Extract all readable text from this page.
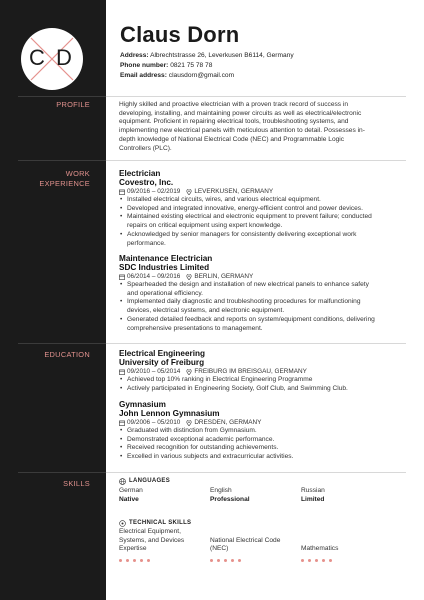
C D
Claus Dorn
Address: Albrechtstrasse 26, Leverkusen B6114, Germany
Phone number: 0821 75 78 78
Email address: clausdorn@gmail.com
PROFILE
WORK
EXPERIENCE
EDUCATION
SKILLS
Highly skilled and proactive electrician with a proven track record of success in
developing, installing, and maintaining power circuits as well as electrical/electronic
equipment. Proficient in repairing electrical tools, troubleshooting systems, and
implementing new electrical panels with meticulous attention to detail. Possesses in-
depth knowledge of National Electrical Code (NEC) and Programmable Logic
Controllers (PLC).
Electrician
Covestro, Inc.
09/2016 – 02/2019 LEVERKUSEN, GERMANY
• Installed electrical circuits, wires, and various electrical equipment.
• Developed and integrated innovative, energy-efficient control and power devices.
• Maintained existing electrical and electronic equipment to prevent failure; conducted
repairs on critical equipment using expert knowledge.
• Acknowledged by senior managers for consistently delivering exceptional work
performance.
Maintenance Electrician
SDC Industries Limited
06/2014 – 09/2016 BERLIN, GERMANY
• Spearheaded the design and installation of new electrical panels to enhance safety
and operational efficiency.
• Implemented daily diagnostic and troubleshooting procedures for malfunctioning
devices, electrical systems, and electronic equipment.
• Generated detailed feedback and reports on system/equipment conditions, delivering
comprehensive presentations to management.
Electrical Engineering
University of Freiburg
09/2010 – 05/2014 FREIBURG IM BREISGAU, GERMANY
• Achieved top 10% ranking in Electrical Engineering Programme
• Actively participated in Engineering Society, Golf Club, and Swimming Club.
Gymnasium
John Lennon Gymnasium
09/2006 – 05/2010 DRESDEN, GERMANY
• Graduated with distinction from Gymnasium.
• Demonstrated exceptional academic performance.
• Received recognition for outstanding achievements.
• Excelled in various subjects and extracurricular activities.
LANGUAGES
German
Native
English
Professional
Russian
Limited
TECHNICAL SKILLS
Electrical Equipment,
Systems, and Devices
Expertise
National Electrical Code
(NEC)	Mathematics
